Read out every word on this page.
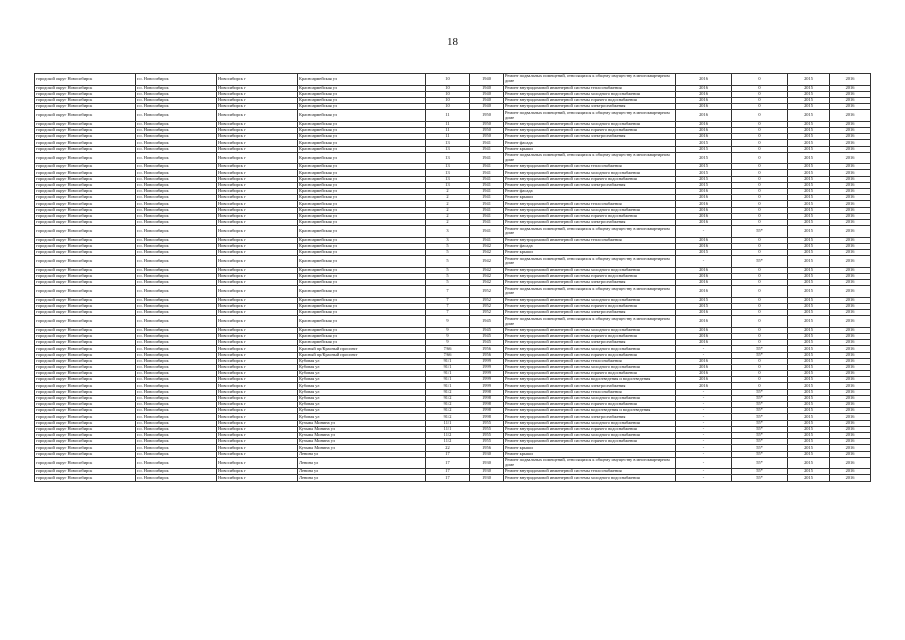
18
городской округ Новосибирск	г.о. Новосибирск	Новосибирск г	Красноармейская ул	10	1940	Ремонт подвальных помещений, относящихся к общему имуществу в многоквартирном доме	2016	0	2015	2016
городской округ Новосибирск	г.о. Новосибирск	Новосибирск г	Красноармейская ул	10	1940	Ремонт внутридомовой инженерной системы теплоснабжения	2016	0	2015	2016
городской округ Новосибирск	г.о. Новосибирск	Новосибирск г	Красноармейская ул	10	1940	Ремонт внутридомовой инженерной системы холодного водоснабжения	2016	0	2015	2016
городской округ Новосибирск	г.о. Новосибирск	Новосибирск г	Красноармейская ул	10	1940	Ремонт внутридомовой инженерной системы горячего водоснабжения	2016	0	2015	2016
городской округ Новосибирск	г.о. Новосибирск	Новосибирск г	Красноармейская ул	10	1940	Ремонт внутридомовой инженерной системы электроснабжения	2016	0	2015	2016
городской округ Новосибирск	г.о. Новосибирск	Новосибирск г	Красноармейская ул	11	1950	Ремонт подвальных помещений, относящихся к общему имуществу в многоквартирном доме	2016	0	2015	2016
городской округ Новосибирск	г.о. Новосибирск	Новосибирск г	Красноармейская ул	11	1950	Ремонт внутридомовой инженерной системы холодного водоснабжения	2016	0	2015	2016
городской округ Новосибирск	г.о. Новосибирск	Новосибирск г	Красноармейская ул	11	1950	Ремонт внутридомовой инженерной системы горячего водоснабжения	2016	0	2015	2016
городской округ Новосибирск	г.о. Новосибирск	Новосибирск г	Красноармейская ул	11	1950	Ремонт внутридомовой инженерной системы электроснабжения	2016	0	2015	2016
городской округ Новосибирск	г.о. Новосибирск	Новосибирск г	Красноармейская ул	13	1941	Ремонт фасада	2015	0	2015	2016
городской округ Новосибирск	г.о. Новосибирск	Новосибирск г	Красноармейская ул	13	1941	Ремонт крыши	2015	0	2015	2016
городской округ Новосибирск	г.о. Новосибирск	Новосибирск г	Красноармейская ул	13	1941	Ремонт подвальных помещений, относящихся к общему имуществу в многоквартирном доме	2015	0	2015	2016
городской округ Новосибирск	г.о. Новосибирск	Новосибирск г	Красноармейская ул	13	1941	Ремонт внутридомовой инженерной системы теплоснабжения	2015	0	2015	2016
городской округ Новосибирск	г.о. Новосибирск	Новосибирск г	Красноармейская ул	13	1941	Ремонт внутридомовой инженерной системы холодного водоснабжения	2015	0	2015	2016
городской округ Новосибирск	г.о. Новосибирск	Новосибирск г	Красноармейская ул	13	1941	Ремонт внутридомовой инженерной системы горячего водоснабжения	2015	0	2015	2016
городской округ Новосибирск	г.о. Новосибирск	Новосибирск г	Красноармейская ул	13	1941	Ремонт внутридомовой инженерной системы электроснабжения	2015	0	2015	2016
городской округ Новосибирск	г.о. Новосибирск	Новосибирск г	Красноармейская ул	2	1941	Ремонт фасада	2016	0	2015	2016
городской округ Новосибирск	г.о. Новосибирск	Новосибирск г	Красноармейская ул	2	1941	Ремонт крыши	2016	0	2015	2016
городской округ Новосибирск	г.о. Новосибирск	Новосибирск г	Красноармейская ул	2	1941	Ремонт внутридомовой инженерной системы теплоснабжения	2016	0	2015	2016
городской округ Новосибирск	г.о. Новосибирск	Новосибирск г	Красноармейская ул	2	1941	Ремонт внутридомовой инженерной системы холодного водоснабжения	2016	0	2015	2016
городской округ Новосибирск	г.о. Новосибирск	Новосибирск г	Красноармейская ул	2	1941	Ремонт внутридомовой инженерной системы горячего водоснабжения	2016	0	2015	2016
городской округ Новосибирск	г.о. Новосибирск	Новосибирск г	Красноармейская ул	2	1941	Ремонт внутридомовой инженерной системы электроснабжения	2016	0	2015	2016
городской округ Новосибирск	г.о. Новосибирск	Новосибирск г	Красноармейская ул	3	1941	Ремонт подвальных помещений, относящихся к общему имуществу в многоквартирном доме	-	55*	2015	2016
городской округ Новосибирск	г.о. Новосибирск	Новосибирск г	Красноармейская ул	3	1941	Ремонт внутридомовой инженерной системы теплоснабжения	2016	0	2015	2016
городской округ Новосибирск	г.о. Новосибирск	Новосибирск г	Красноармейская ул	5	1942	Ремонт фасада	2016	0	2015	2016
городской округ Новосибирск	г.о. Новосибирск	Новосибирск г	Красноармейская ул	5	1942	Ремонт крыши	2015	0	2015	2016
городской округ Новосибирск	г.о. Новосибирск	Новосибирск г	Красноармейская ул	5	1942	Ремонт подвальных помещений, относящихся к общему имуществу в многоквартирном доме	-	55*	2015	2016
городской округ Новосибирск	г.о. Новосибирск	Новосибирск г	Красноармейская ул	5	1942	Ремонт внутридомовой инженерной системы холодного водоснабжения	2016	0	2015	2016
городской округ Новосибирск	г.о. Новосибирск	Новосибирск г	Красноармейская ул	5	1942	Ремонт внутридомовой инженерной системы горячего водоснабжения	2016	0	2015	2016
городской округ Новосибирск	г.о. Новосибирск	Новосибирск г	Красноармейская ул	5	1942	Ремонт внутридомовой инженерной системы электроснабжения	2016	0	2015	2016
городской округ Новосибирск	г.о. Новосибирск	Новосибирск г	Красноармейская ул	7	1952	Ремонт подвальных помещений, относящихся к общему имуществу в многоквартирном доме	2016	0	2015	2016
городской округ Новосибирск	г.о. Новосибирск	Новосибирск г	Красноармейская ул	7	1952	Ремонт внутридомовой инженерной системы холодного водоснабжения	2015	0	2015	2016
городской округ Новосибирск	г.о. Новосибирск	Новосибирск г	Красноармейская ул	7	1952	Ремонт внутридомовой инженерной системы горячего водоснабжения	2015	0	2015	2016
городской округ Новосибирск	г.о. Новосибирск	Новосибирск г	Красноармейская ул	7	1952	Ремонт внутридомовой инженерной системы электроснабжения	2016	0	2015	2016
городской округ Новосибирск	г.о. Новосибирск	Новосибирск г	Красноармейская ул	9	1945	Ремонт подвальных помещений, относящихся к общему имуществу в многоквартирном доме	2016	0	2015	2016
городской округ Новосибирск	г.о. Новосибирск	Новосибирск г	Красноармейская ул	9	1945	Ремонт внутридомовой инженерной системы холодного водоснабжения	2016	0	2015	2016
городской округ Новосибирск	г.о. Новосибирск	Новосибирск г	Красноармейская ул	9	1945	Ремонт внутридомовой инженерной системы горячего водоснабжения	2016	0	2015	2016
городской округ Новосибирск	г.о. Новосибирск	Новосибирск г	Красноармейская ул	9	1945	Ремонт внутридомовой инженерной системы электроснабжения	2016	0	2015	2016
городской округ Новосибирск	г.о. Новосибирск	Новосибирск г	Красный пр/Красный проспект	7/66	1956	Ремонт внутридомовой инженерной системы холодного водоснабжения	-	55*	2015	2016
городской округ Новосибирск	г.о. Новосибирск	Новосибирск г	Красный пр/Красный проспект	7/66	1956	Ремонт внутридомовой инженерной системы горячего водоснабжения	-	55*	2015	2016
городской округ Новосибирск	г.о. Новосибирск	Новосибирск г	Кубовая ул	91/1	1999	Ремонт внутридомовой инженерной системы теплоснабжения	2016	0	2015	2016
городской округ Новосибирск	г.о. Новосибирск	Новосибирск г	Кубовая ул	91/1	1999	Ремонт внутридомовой инженерной системы холодного водоснабжения	2016	0	2015	2016
городской округ Новосибирск	г.о. Новосибирск	Новосибирск г	Кубовая ул	91/1	1999	Ремонт внутридомовой инженерной системы горячего водоснабжения	2016	0	2015	2016
городской округ Новосибирск	г.о. Новосибирск	Новосибирск г	Кубовая ул	91/1	1999	Ремонт внутридомовой инженерной системы водоотведения и водоотведения	2016	0	2015	2016
городской округ Новосибирск	г.о. Новосибирск	Новосибирск г	Кубовая ул	91/1	1999	Ремонт внутридомовой инженерной системы электроснабжения	2016	0	2015	2016
городской округ Новосибирск	г.о. Новосибирск	Новосибирск г	Кубовая ул	91/2	1998	Ремонт внутридомовой инженерной системы теплоснабжения	-	55*	2015	2016
городской округ Новосибирск	г.о. Новосибирск	Новосибирск г	Кубовая ул	91/2	1998	Ремонт внутридомовой инженерной системы холодного водоснабжения	-	55*	2015	2016
городской округ Новосибирск	г.о. Новосибирск	Новосибирск г	Кубовая ул	91/2	1998	Ремонт внутридомовой инженерной системы горячего водоснабжения	-	55*	2015	2016
городской округ Новосибирск	г.о. Новосибирск	Новосибирск г	Кубовая ул	91/2	1998	Ремонт внутридомовой инженерной системы водоотведения и водоотведения	-	55*	2015	2016
городской округ Новосибирск	г.о. Новосибирск	Новосибирск г	Кубовая ул	91/2	1998	Ремонт внутридомовой инженерной системы электроснабжения	-	55*	2015	2016
городской округ Новосибирск	г.о. Новосибирск	Новосибирск г	Кузьмы Минина ул	11/1	1955	Ремонт внутридомовой инженерной системы холодного водоснабжения	-	55*	2015	2016
городской округ Новосибирск	г.о. Новосибирск	Новосибирск г	Кузьмы Минина ул	11/1	1955	Ремонт внутридомовой инженерной системы горячего водоснабжения	-	55*	2015	2016
городской округ Новосибирск	г.о. Новосибирск	Новосибирск г	Кузьмы Минина ул	11/2	1955	Ремонт внутридомовой инженерной системы холодного водоснабжения	-	55*	2015	2016
городской округ Новосибирск	г.о. Новосибирск	Новосибирск г	Кузьмы Минина ул	11/2	1955	Ремонт внутридомовой инженерной системы горячего водоснабжения	-	55*	2015	2016
городской округ Новосибирск	г.о. Новосибирск	Новосибирск г	Кузьмы Минина ул	22	1956	Ремонт крыши	-	55*	2015	2016
городской округ Новосибирск	г.о. Новосибирск	Новосибирск г	Ленина ул	17	1930	Ремонт крыши	-	55*	2015	2016
городской округ Новосибирск	г.о. Новосибирск	Новосибирск г	Ленина ул	17	1930	Ремонт подвальных помещений, относящихся к общему имуществу в многоквартирном доме	-	55*	2015	2016
городской округ Новосибирск	г.о. Новосибирск	Новосибирск г	Ленина ул	17	1930	Ремонт внутридомовой инженерной системы теплоснабжения	-	55*	2015	2016
городской округ Новосибирск	г.о. Новосибирск	Новосибирск г	Ленина ул	17	1930	Ремонт внутридомовой инженерной системы холодного водоснабжения	-	55*	2015	2016
